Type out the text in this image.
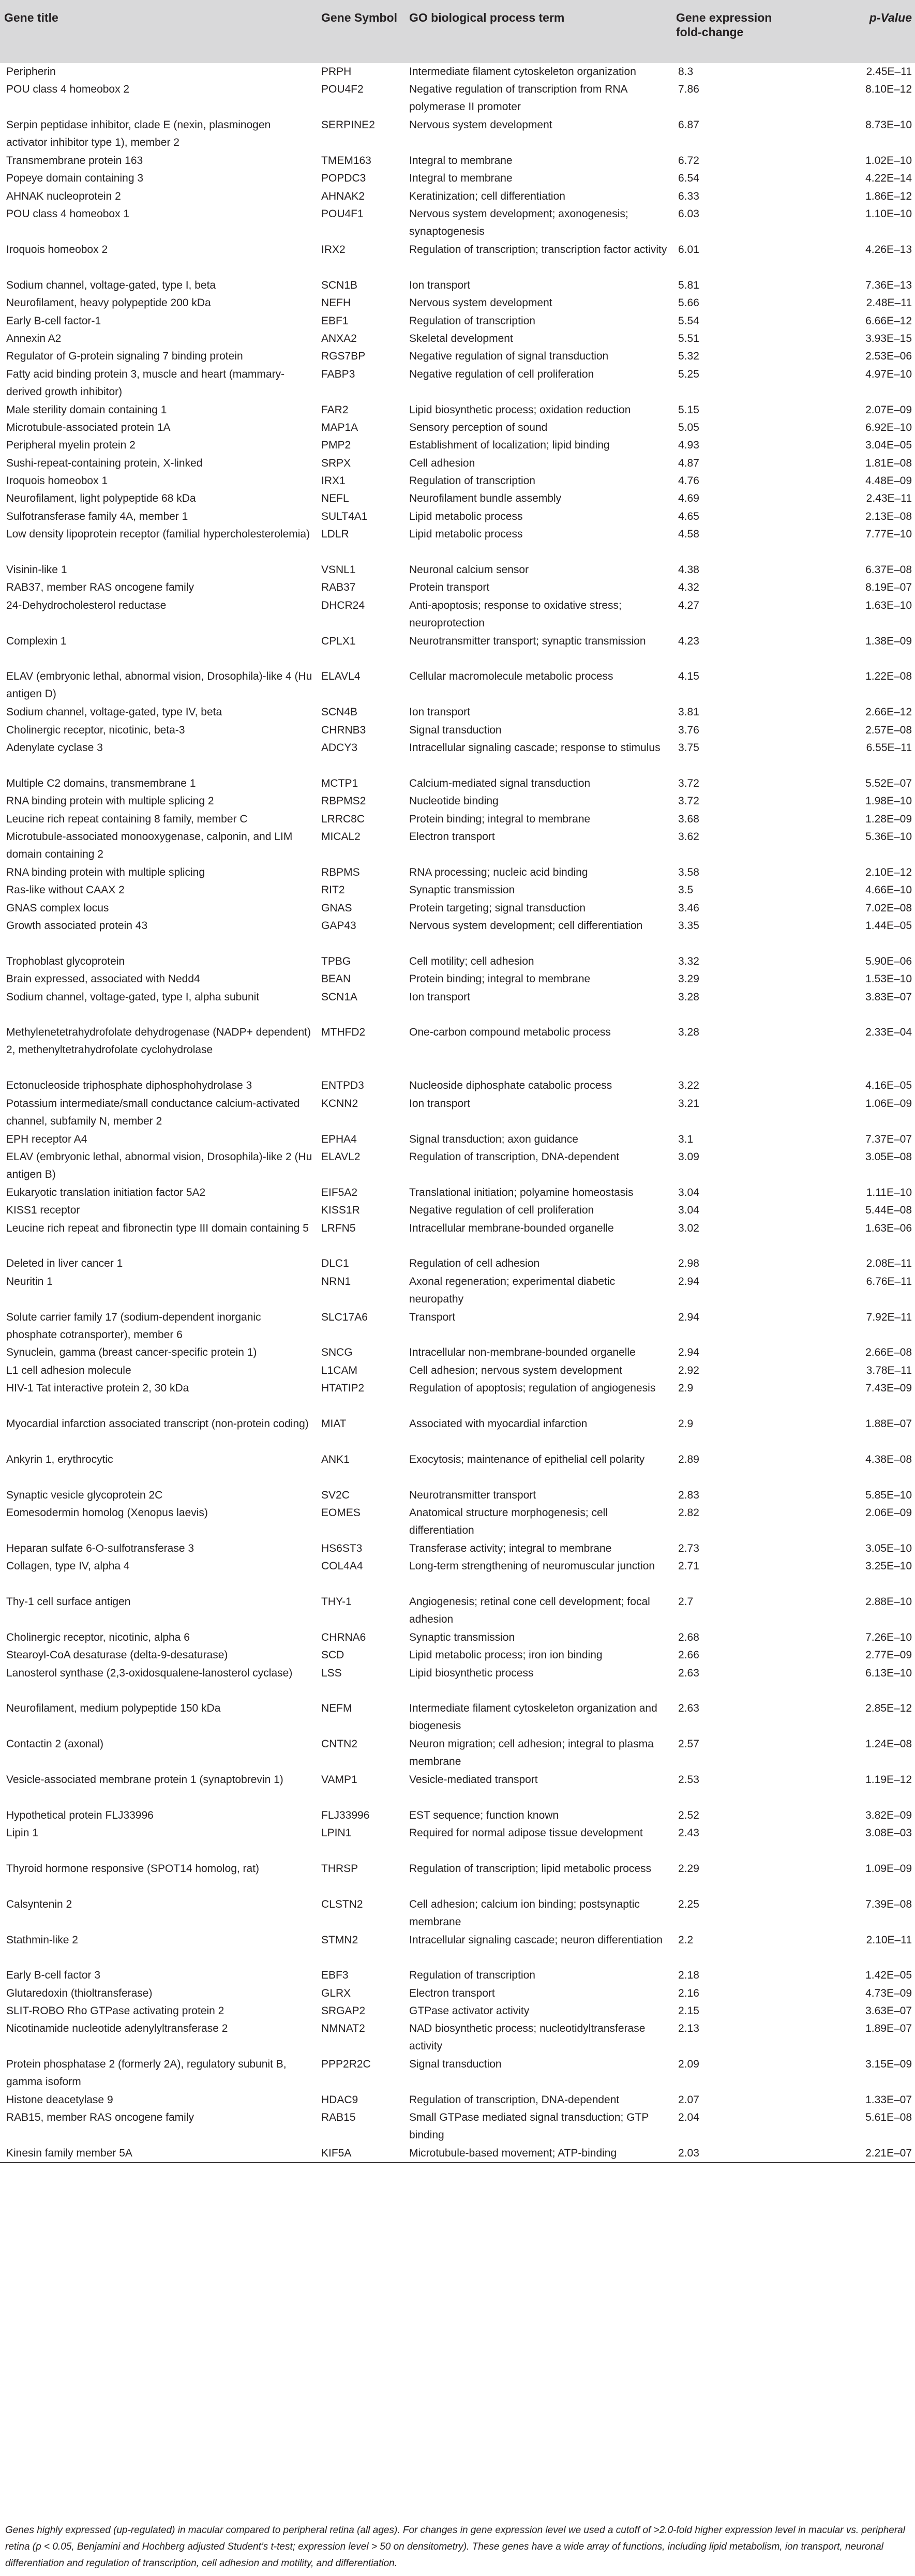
Gene title	Gene Symbol	GO biological process term	Gene expression fold-change	p-Value
Peripherin	PRPH	Intermediate filament cytoskeleton organization	8.3	2.45E–11
POU class 4 homeobox 2	POU4F2	Negative regulation of transcription from RNA polymerase II promoter	7.86	8.10E–12
Serpin peptidase inhibitor, clade E (nexin, plasminogen activator inhibitor type 1), member 2	SERPINE2	Nervous system development	6.87	8.73E–10
Transmembrane protein 163	TMEM163	Integral to membrane	6.72	1.02E–10
Popeye domain containing 3	POPDC3	Integral to membrane	6.54	4.22E–14
AHNAK nucleoprotein 2	AHNAK2	Keratinization; cell differentiation	6.33	1.86E–12
POU class 4 homeobox 1	POU4F1	Nervous system development; axonogenesis; synaptogenesis	6.03	1.10E–10
Iroquois homeobox 2	IRX2	Regulation of transcription; transcription factor activity	6.01	4.26E–13
Sodium channel, voltage-gated, type I, beta	SCN1B	Ion transport	5.81	7.36E–13
Neurofilament, heavy polypeptide 200 kDa	NEFH	Nervous system development	5.66	2.48E–11
Early B-cell factor-1	EBF1	Regulation of transcription	5.54	6.66E–12
Annexin A2	ANXA2	Skeletal development	5.51	3.93E–15
Regulator of G-protein signaling 7 binding protein	RGS7BP	Negative regulation of signal transduction	5.32	2.53E–06
Fatty acid binding protein 3, muscle and heart (mammary-derived growth inhibitor)	FABP3	Negative regulation of cell proliferation	5.25	4.97E–10
Male sterility domain containing 1	FAR2	Lipid biosynthetic process; oxidation reduction	5.15	2.07E–09
Microtubule-associated protein 1A	MAP1A	Sensory perception of sound	5.05	6.92E–10
Peripheral myelin protein 2	PMP2	Establishment of localization; lipid binding	4.93	3.04E–05
Sushi-repeat-containing protein, X-linked	SRPX	Cell adhesion	4.87	1.81E–08
Iroquois homeobox 1	IRX1	Regulation of transcription	4.76	4.48E–09
Neurofilament, light polypeptide 68 kDa	NEFL	Neurofilament bundle assembly	4.69	2.43E–11
Sulfotransferase family 4A, member 1	SULT4A1	Lipid metabolic process	4.65	2.13E–08
Low density lipoprotein receptor (familial hypercholesterolemia)	LDLR	Lipid metabolic process	4.58	7.77E–10
Visinin-like 1	VSNL1	Neuronal calcium sensor	4.38	6.37E–08
RAB37, member RAS oncogene family	RAB37	Protein transport	4.32	8.19E–07
24-Dehydrocholesterol reductase	DHCR24	Anti-apoptosis; response to oxidative stress; neuroprotection	4.27	1.63E–10
Complexin 1	CPLX1	Neurotransmitter transport; synaptic transmission	4.23	1.38E–09
ELAV (embryonic lethal, abnormal vision, Drosophila)-like 4 (Hu antigen D)	ELAVL4	Cellular macromolecule metabolic process	4.15	1.22E–08
Sodium channel, voltage-gated, type IV, beta	SCN4B	Ion transport	3.81	2.66E–12
Cholinergic receptor, nicotinic, beta-3	CHRNB3	Signal transduction	3.76	2.57E–08
Adenylate cyclase 3	ADCY3	Intracellular signaling cascade; response to stimulus	3.75	6.55E–11
Multiple C2 domains, transmembrane 1	MCTP1	Calcium-mediated signal transduction	3.72	5.52E–07
RNA binding protein with multiple splicing 2	RBPMS2	Nucleotide binding	3.72	1.98E–10
Leucine rich repeat containing 8 family, member C	LRRC8C	Protein binding; integral to membrane	3.68	1.28E–09
Microtubule-associated monooxygenase, calponin, and LIM domain containing 2	MICAL2	Electron transport	3.62	5.36E–10
RNA binding protein with multiple splicing	RBPMS	RNA processing; nucleic acid binding	3.58	2.10E–12
Ras-like without CAAX 2	RIT2	Synaptic transmission	3.5	4.66E–10
GNAS complex locus	GNAS	Protein targeting; signal transduction	3.46	7.02E–08
Growth associated protein 43	GAP43	Nervous system development; cell differentiation	3.35	1.44E–05
Trophoblast glycoprotein	TPBG	Cell motility; cell adhesion	3.32	5.90E–06
Brain expressed, associated with Nedd4	BEAN	Protein binding; integral to membrane	3.29	1.53E–10
Sodium channel, voltage-gated, type I, alpha subunit	SCN1A	Ion transport	3.28	3.83E–07
Methylenetetrahydrofolate dehydrogenase (NADP+ dependent) 2, methenyltetrahydrofolate cyclohydrolase	MTHFD2	One-carbon compound metabolic process	3.28	2.33E–04
Ectonucleoside triphosphate diphosphohydrolase 3	ENTPD3	Nucleoside diphosphate catabolic process	3.22	4.16E–05
Potassium intermediate/small conductance calcium-activated channel, subfamily N, member 2	KCNN2	Ion transport	3.21	1.06E–09
EPH receptor A4	EPHA4	Signal transduction; axon guidance	3.1	7.37E–07
ELAV (embryonic lethal, abnormal vision, Drosophila)-like 2 (Hu antigen B)	ELAVL2	Regulation of transcription, DNA-dependent	3.09	3.05E–08
Eukaryotic translation initiation factor 5A2	EIF5A2	Translational initiation; polyamine homeostasis	3.04	1.11E–10
KISS1 receptor	KISS1R	Negative regulation of cell proliferation	3.04	5.44E–08
Leucine rich repeat and fibronectin type III domain containing 5	LRFN5	Intracellular membrane-bounded organelle	3.02	1.63E–06
Deleted in liver cancer 1	DLC1	Regulation of cell adhesion	2.98	2.08E–11
Neuritin 1	NRN1	Axonal regeneration; experimental diabetic neuropathy	2.94	6.76E–11
Solute carrier family 17 (sodium-dependent inorganic phosphate cotransporter), member 6	SLC17A6	Transport	2.94	7.92E–11
Synuclein, gamma (breast cancer-specific protein 1)	SNCG	Intracellular non-membrane-bounded organelle	2.94	2.66E–08
L1 cell adhesion molecule	L1CAM	Cell adhesion; nervous system development	2.92	3.78E–11
HIV-1 Tat interactive protein 2, 30 kDa	HTATIP2	Regulation of apoptosis; regulation of angiogenesis	2.9	7.43E–09
Myocardial infarction associated transcript (non-protein coding)	MIAT	Associated with myocardial infarction	2.9	1.88E–07
Ankyrin 1, erythrocytic	ANK1	Exocytosis; maintenance of epithelial cell polarity	2.89	4.38E–08
Synaptic vesicle glycoprotein 2C	SV2C	Neurotransmitter transport	2.83	5.85E–10
Eomesodermin homolog (Xenopus laevis)	EOMES	Anatomical structure morphogenesis; cell differentiation	2.82	2.06E–09
Heparan sulfate 6-O-sulfotransferase 3	HS6ST3	Transferase activity; integral to membrane	2.73	3.05E–10
Collagen, type IV, alpha 4	COL4A4	Long-term strengthening of neuromuscular junction	2.71	3.25E–10
Thy-1 cell surface antigen	THY-1	Angiogenesis; retinal cone cell development; focal adhesion	2.7	2.88E–10
Cholinergic receptor, nicotinic, alpha 6	CHRNA6	Synaptic transmission	2.68	7.26E–10
Stearoyl-CoA desaturase (delta-9-desaturase)	SCD	Lipid metabolic process; iron ion binding	2.66	2.77E–09
Lanosterol synthase (2,3-oxidosqualene-lanosterol cyclase)	LSS	Lipid biosynthetic process	2.63	6.13E–10
Neurofilament, medium polypeptide 150 kDa	NEFM	Intermediate filament cytoskeleton organization and biogenesis	2.63	2.85E–12
Contactin 2 (axonal)	CNTN2	Neuron migration; cell adhesion; integral to plasma membrane	2.57	1.24E–08
Vesicle-associated membrane protein 1 (synaptobrevin 1)	VAMP1	Vesicle-mediated transport	2.53	1.19E–12
Hypothetical protein FLJ33996	FLJ33996	EST sequence; function known	2.52	3.82E–09
Lipin 1	LPIN1	Required for normal adipose tissue development	2.43	3.08E–03
Thyroid hormone responsive (SPOT14 homolog, rat)	THRSP	Regulation of transcription; lipid metabolic process	2.29	1.09E–09
Calsyntenin 2	CLSTN2	Cell adhesion; calcium ion binding; postsynaptic membrane	2.25	7.39E–08
Stathmin-like 2	STMN2	Intracellular signaling cascade; neuron differentiation	2.2	2.10E–11
Early B-cell factor 3	EBF3	Regulation of transcription	2.18	1.42E–05
Glutaredoxin (thioltransferase)	GLRX	Electron transport	2.16	4.73E–09
SLIT-ROBO Rho GTPase activating protein 2	SRGAP2	GTPase activator activity	2.15	3.63E–07
Nicotinamide nucleotide adenylyltransferase 2	NMNAT2	NAD biosynthetic process; nucleotidyltransferase activity	2.13	1.89E–07
Protein phosphatase 2 (formerly 2A), regulatory subunit B, gamma isoform	PPP2R2C	Signal transduction	2.09	3.15E–09
Histone deacetylase 9	HDAC9	Regulation of transcription, DNA-dependent	2.07	1.33E–07
RAB15, member RAS oncogene family	RAB15	Small GTPase mediated signal transduction; GTP binding	2.04	5.61E–08
Kinesin family member 5A	KIF5A	Microtubule-based movement; ATP-binding	2.03	2.21E–07
Genes highly expressed (up-regulated) in macular compared to peripheral retina (all ages). For changes in gene expression level we used a cutoff of >2.0-fold higher expression level in macular vs. peripheral retina (p < 0.05, Benjamini and Hochberg adjusted Student’s t-test; expression level > 50 on densitometry). These genes have a wide array of functions, including lipid metabolism, ion transport, neuronal differentiation and regulation of transcription, cell adhesion and motility, and differentiation.
